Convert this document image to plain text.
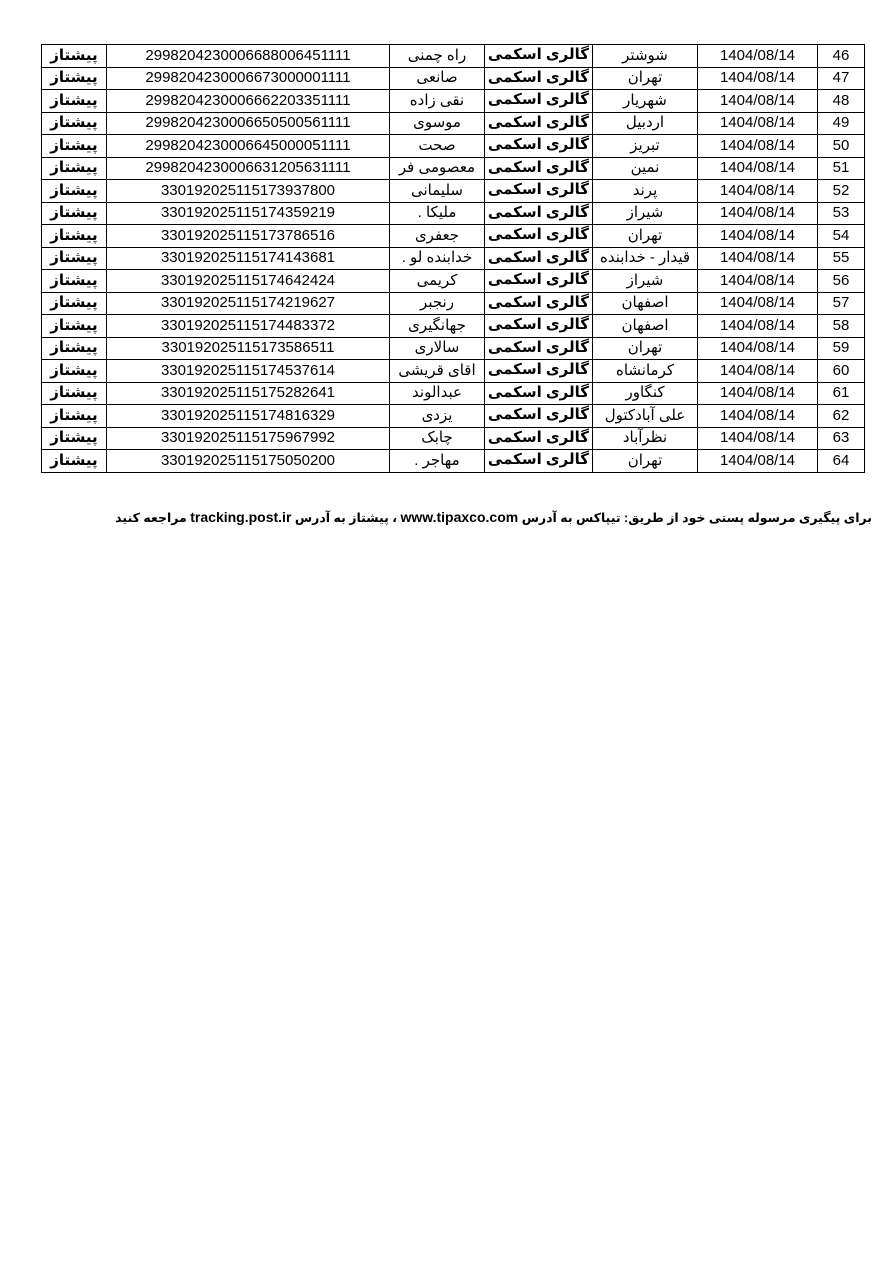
پیشتاز	2998204230006688006451111	راه چمنی	گالری اسکمی	شوشتر	1404/08/14	46
پیشتاز	2998204230006673000001111	صانعی	گالری اسکمی	تهران	1404/08/14	47
پیشتاز	2998204230006662203351111	نقی زاده	گالری اسکمی	شهریار	1404/08/14	48
پیشتاز	2998204230006650500561111	موسوی	گالری اسکمی	اردبیل	1404/08/14	49
پیشتاز	2998204230006645000051111	صحت	گالری اسکمی	تبریز	1404/08/14	50
پیشتاز	2998204230006631205631111	معصومی فر	گالری اسکمی	نمین	1404/08/14	51
پیشتاز	330192025115173937800	سلیمانی	گالری اسکمی	پرند	1404/08/14	52
پیشتاز	330192025115174359219	ملیکا .	گالری اسکمی	شیراز	1404/08/14	53
پیشتاز	330192025115173786516	جعفری	گالری اسکمی	تهران	1404/08/14	54
پیشتاز	330192025115174143681	خدابنده لو .	گالری اسکمی	قیدار - خدابنده	1404/08/14	55
پیشتاز	330192025115174642424	کریمی	گالری اسکمی	شیراز	1404/08/14	56
پیشتاز	330192025115174219627	رنجبر	گالری اسکمی	اصفهان	1404/08/14	57
پیشتاز	330192025115174483372	جهانگیری	گالری اسکمی	اصفهان	1404/08/14	58
پیشتاز	330192025115173586511	سالاری	گالری اسکمی	تهران	1404/08/14	59
پیشتاز	330192025115174537614	اقای قریشی	گالری اسکمی	کرمانشاه	1404/08/14	60
پیشتاز	330192025115175282641	عبدالوند	گالری اسکمی	کنگاور	1404/08/14	61
پیشتاز	330192025115174816329	یزدی	گالری اسکمی	علی آبادکتول	1404/08/14	62
پیشتاز	330192025115175967992	چابک	گالری اسکمی	نظرآباد	1404/08/14	63
پیشتاز	330192025115175050200	مهاجر .	گالری اسکمی	تهران	1404/08/14	64
برای پیگیری مرسوله پستی خود از طریق: تیپاکس به آدرس www.tipaxco.com ، پیشتاز به آدرس tracking.post.ir مراجعه کنید
